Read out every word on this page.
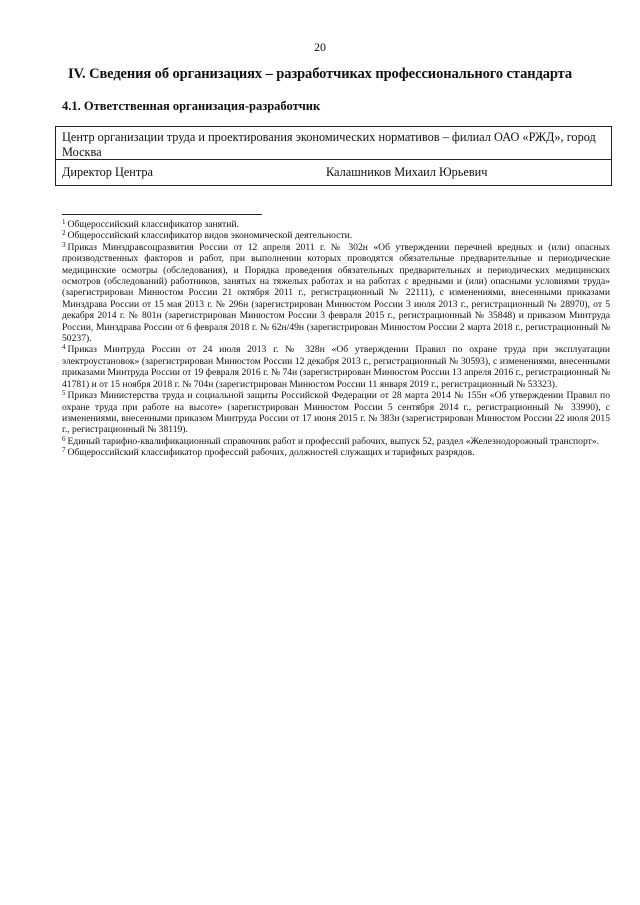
20
IV. Сведения об организациях – разработчиках профессионального стандарта
4.1. Ответственная организация-разработчик
Центр организации труда и проектирования экономических нормативов – филиал ОАО «РЖД», город Москва
Директор Центра	Калашников Михаил Юрьевич

$^1$ Общероссийский классификатор занятий.

$^2$ Общероссийский классификатор видов экономической деятельности.

$^3$ Приказ Минздравсоцразвития России от 12 апреля 2011 г. № 302н «Об утверждении перечней вредных и (или) опасных производственных факторов и работ, при выполнении которых проводятся обязательные предварительные и периодические медицинские осмотры (обследования), и Порядка проведения обязательных предварительных и периодических медицинских осмотров (обследований) работников, занятых на тяжелых работах и на работах с вредными и (или) опасными условиями труда» (зарегистрирован Минюстом России 21 октября 2011 г., регистрационный № 22111), с изменениями, внесенными приказами Минздрава России от 15 мая 2013 г. № 296н (зарегистрирован Минюстом России 3 июля 2013 г., регистрационный № 28970), от 5 декабря 2014 г. № 801н (зарегистрирован Минюстом России 3 февраля 2015 г., регистрационный № 35848) и приказом Минтруда России, Минздрава России от 6 февраля 2018 г. № 62н/49н (зарегистрирован Минюстом России 2 марта 2018 г., регистрационный № 50237).

$^4$ Приказ Минтруда России от 24 июля 2013 г. № 328н «Об утверждении Правил по охране труда при эксплуатации электроустановок» (зарегистрирован Минюстом России 12 декабря 2013 г., регистрационный № 30593), с изменениями, внесенными приказами Минтруда России от 19 февраля 2016 г. № 74н (зарегистрирован Минюстом России 13 апреля 2016 г., регистрационный № 41781) и от 15 ноября 2018 г. № 704н (зарегистрирован Минюстом России 11 января 2019 г., регистрационный № 53323).

$^5$ Приказ Министерства труда и социальной защиты Российской Федерации от 28 марта 2014 № 155н «Об утверждении Правил по охране труда при работе на высоте» (зарегистрирован Минюстом России 5 сентября 2014 г., регистрационный № 33990), с изменениями, внесенными приказом Минтруда России от 17 июня 2015 г. № 383н (зарегистрирован Минюстом России 22 июля 2015 г., регистрационный № 38119).

$^6$ Единый тарифно-квалификационный справочник работ и профессий рабочих, выпуск 52, раздел «Железнодорожный транспорт».

$^7$ Общероссийский классификатор профессий рабочих, должностей служащих и тарифных разрядов.
